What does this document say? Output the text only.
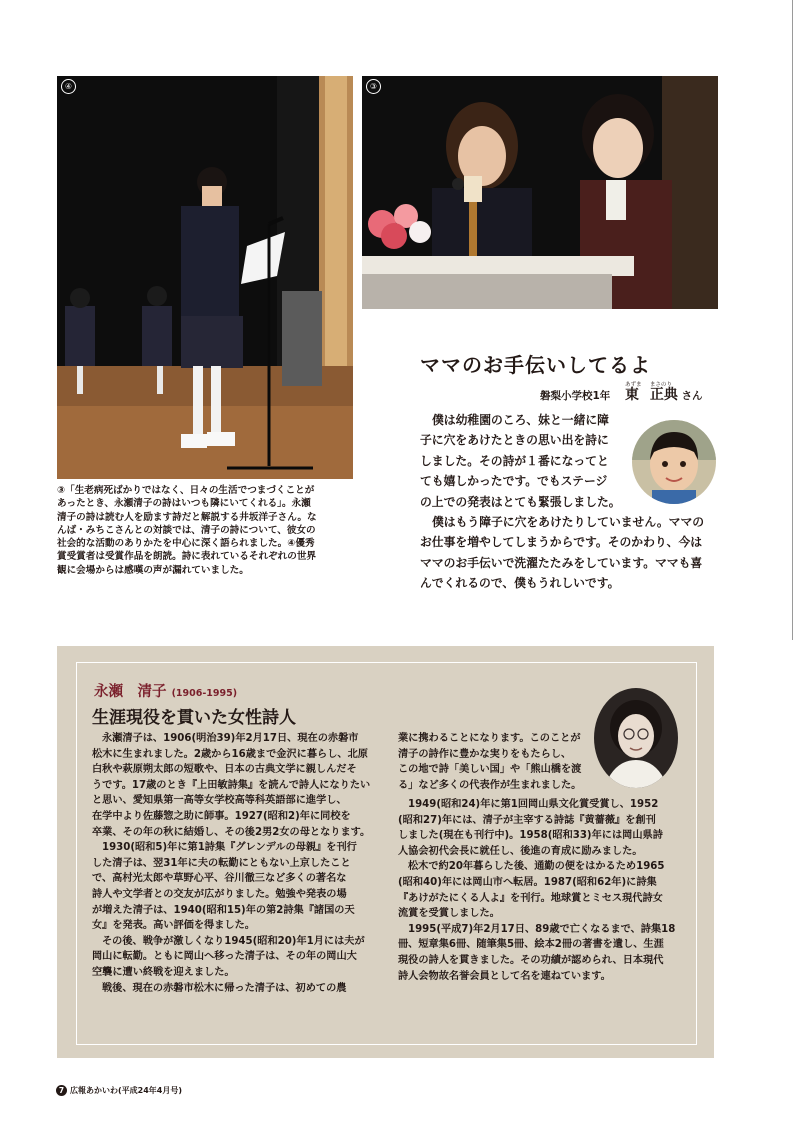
④	③

③「生老病死ばかりではなく、日々の生活でつまづくことが

あったとき、永瀬清子の詩はいつも隣にいてくれる」。永瀬

清子の詩は読む人を励ます詩だと解説する井坂洋子さん。な

んば・みちこさんとの対談では、清子の詩について、彼女の

社会的な活動のありかたを中心に深く語られました。④優秀

賞受賞者は受賞作品を朗読。詩に表れているそれぞれの世界

観に会場からは感嘆の声が漏れていました。

ママのお手伝いしてるよ
磐梨小学校1年
あずま
東
まさのり
正典 さん

僕は幼稚園のころ、妹と一緒に障

子に穴をあけたときの思い出を詩に

しました。その詩が１番になってと

ても嬉しかったです。でもステージ

の上での発表はとても緊張しました。

僕はもう障子に穴をあけたりしていません。ママの

お仕事を増やしてしまうからです。そのかわり、今は

ママのお手伝いで洗濯たたみをしています。ママも喜

んでくれるので、僕もうれしいです。

永瀬　清子 (1906-1995)
生涯現役を貫いた女性詩人

永瀬清子は、1906(明治39)年2月17日、現在の赤磐市

松木に生まれました。2歳から16歳まで金沢に暮らし、北原

白秋や萩原朔太郎の短歌や、日本の古典文学に親しんだそ

うです。17歳のとき『上田敏詩集』を読んで詩人になりたい

と思い、愛知県第一高等女学校高等科英語部に進学し、

在学中より佐藤惣之助に師事。1927(昭和2)年に同校を

卒業、その年の秋に結婚し、その後2男2女の母となります。

1930(昭和5)年に第1詩集『グレンデルの母親』を刊行

した清子は、翌31年に夫の転勤にともない上京したこと

で、高村光太郎や草野心平、谷川徹三など多くの著名な

詩人や文学者との交友が広がりました。勉強や発表の場

が増えた清子は、1940(昭和15)年の第2詩集『諸国の天

女』を発表。高い評価を得ました。

その後、戦争が激しくなり1945(昭和20)年1月には夫が

岡山に転勤。ともに岡山へ移った清子は、その年の岡山大

空襲に遭い終戦を迎えました。

戦後、現在の赤磐市松木に帰った清子は、初めての農

業に携わることになります。このことが

清子の詩作に豊かな実りをもたらし、

この地で詩「美しい国」や「熊山橋を渡

る」など多くの代表作が生まれました。

1949(昭和24)年に第1回岡山県文化賞受賞し、1952

(昭和27)年には、清子が主宰する詩誌『黄薔薇』を創刊

しました(現在も刊行中)。1958(昭和33)年には岡山県詩

人協会初代会長に就任し、後進の育成に励みました。

松木で約20年暮らした後、通勤の便をはかるため1965

(昭和40)年には岡山市へ転居。1987(昭和62年)に詩集

『あけがたにくる人よ』を刊行。地球賞とミセス現代詩女

流賞を受賞しました。

1995(平成7)年2月17日、89歳で亡くなるまで、詩集18

冊、短章集6冊、随筆集5冊、絵本2冊の著書を遺し、生涯

現役の詩人を貫きました。その功績が認められ、日本現代

詩人会物故名誉会員として名を連ねています。

7 広報あかいわ(平成24年4月号)
